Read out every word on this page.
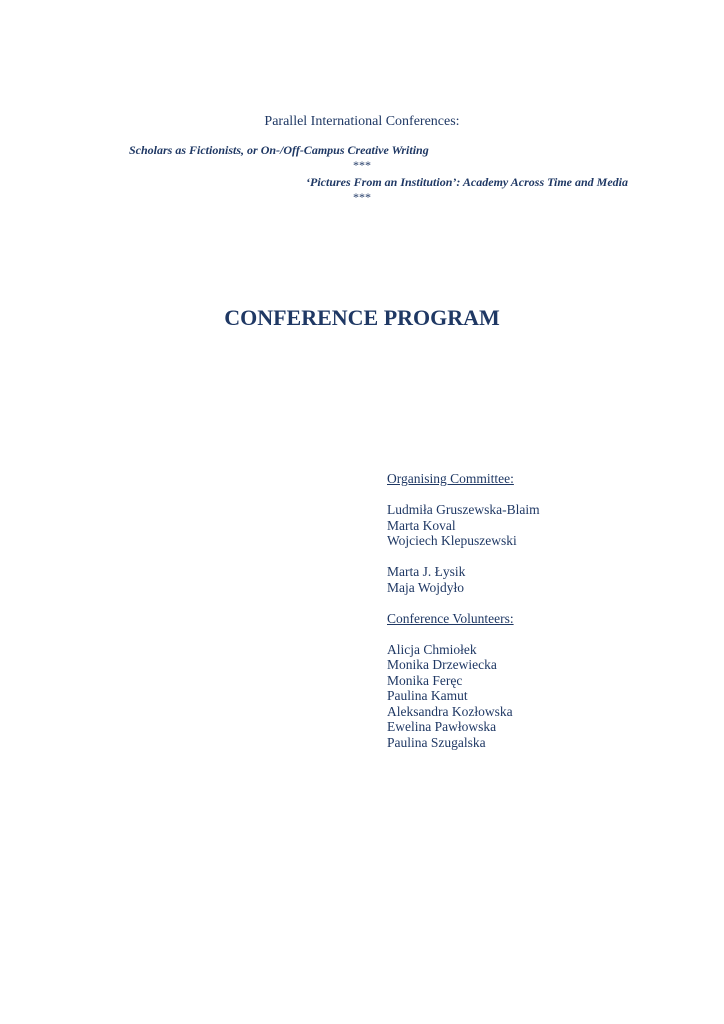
Parallel International Conferences:
Scholars as Fictionists, or On-/Off-Campus Creative Writing
***
‘Pictures From an Institution’: Academy Across Time and Media
***
CONFERENCE PROGRAM
Organising Committee:
Ludmiła Gruszewska-Blaim
Marta Koval
Wojciech Klepuszewski
Marta J. Łysik
Maja Wojdyło
Conference Volunteers:
Alicja Chmiołek
Monika Drzewiecka
Monika Feręc
Paulina Kamut
Aleksandra Kozłowska
Ewelina Pawłowska
Paulina Szugalska
